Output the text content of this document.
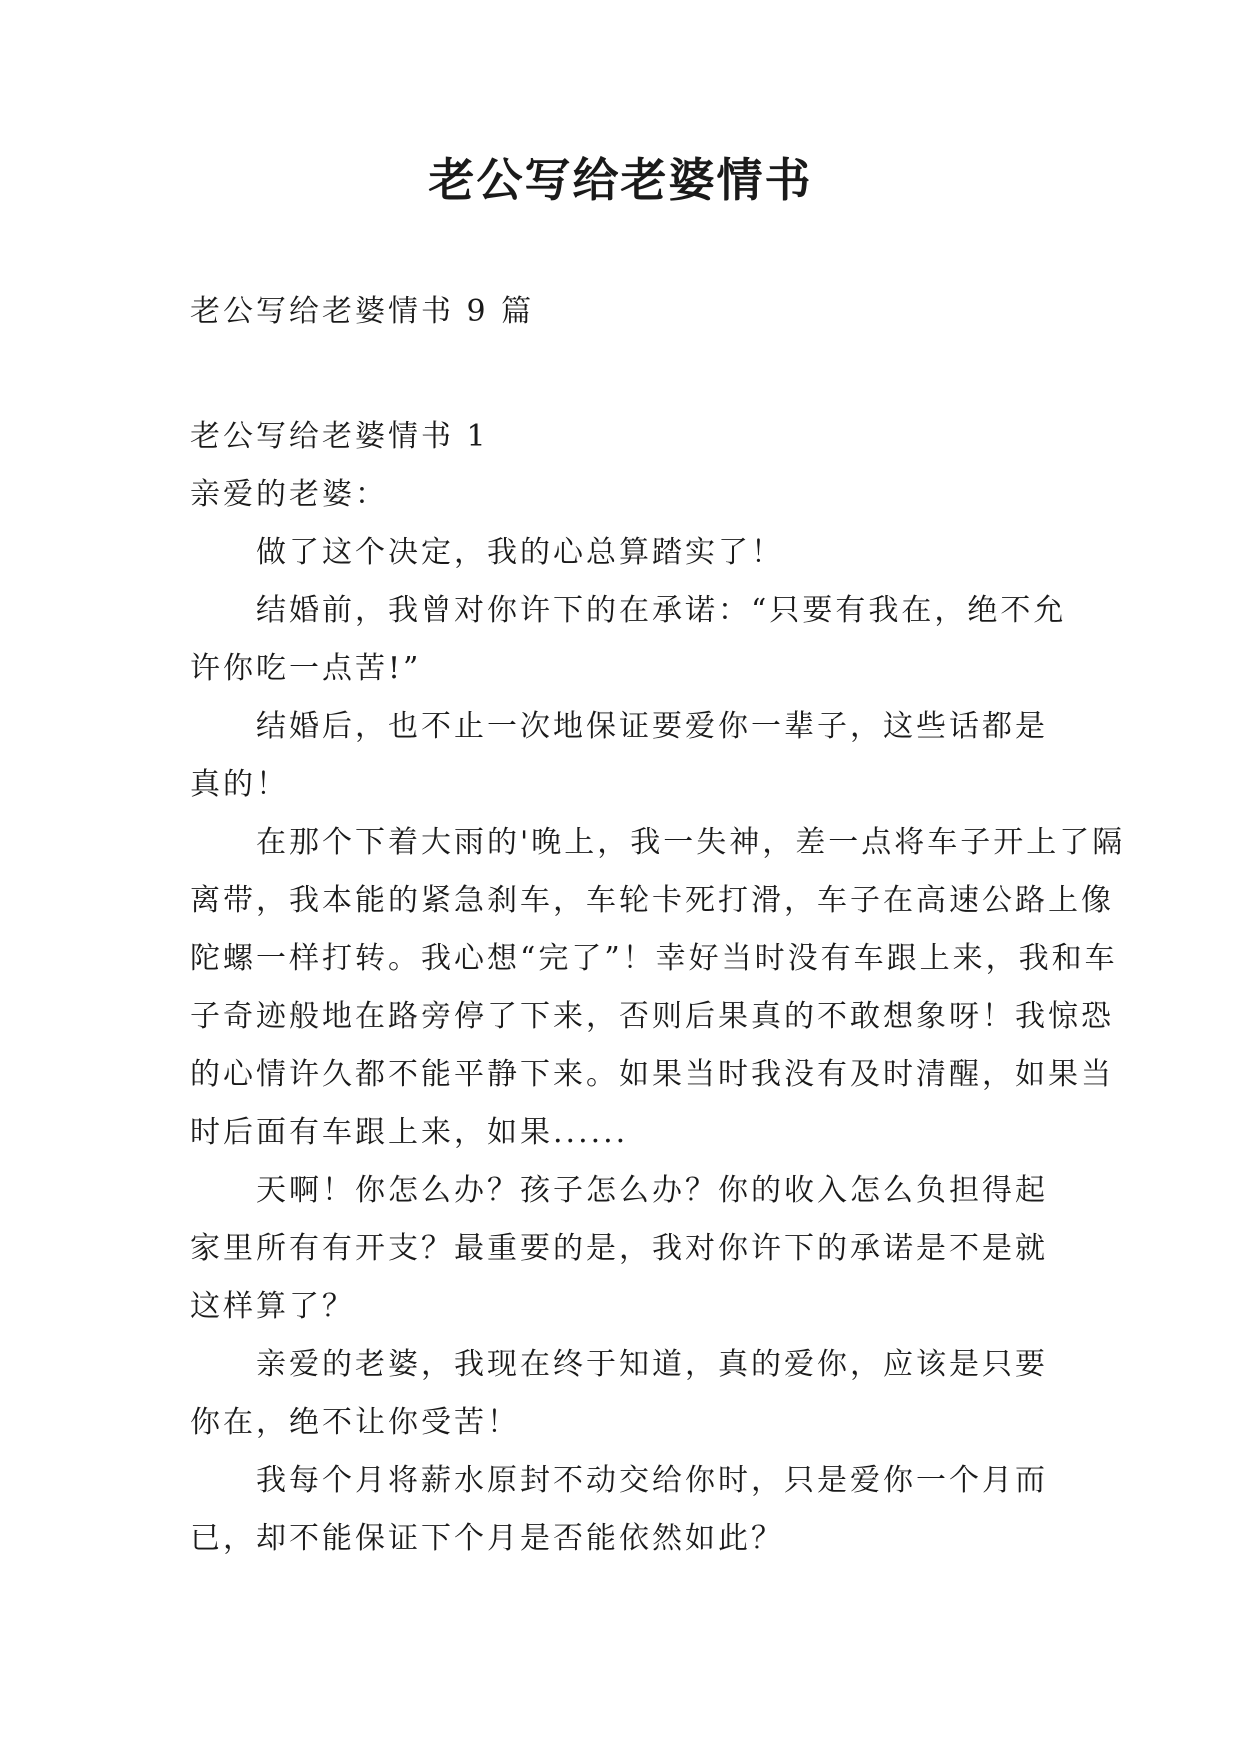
老公写给老婆情书
老公写给老婆情书 9 篇

老公写给老婆情书 1

亲爱的老婆：

做了这个决定，我的心总算踏实了！

结婚前，我曾对你许下的在承诺：“只要有我在，绝不允许你吃一点苦!”

结婚后，也不止一次地保证要爱你一辈子，这些话都是真的！

在那个下着大雨的'晚上，我一失神，差一点将车子开上了隔离带，我本能的紧急刹车，车轮卡死打滑，车子在高速公路上像陀螺一样打转。我心想“完了”！幸好当时没有车跟上来，我和车子奇迹般地在路旁停了下来，否则后果真的不敢想象呀！我惊恐的心情许久都不能平静下来。如果当时我没有及时清醒，如果当时后面有车跟上来，如果......

天啊！你怎么办？孩子怎么办？你的收入怎么负担得起家里所有有开支？最重要的是，我对你许下的承诺是不是就这样算了？

亲爱的老婆，我现在终于知道，真的爱你，应该是只要你在，绝不让你受苦！

我每个月将薪水原封不动交给你时，只是爱你一个月而已，却不能保证下个月是否能依然如此？
